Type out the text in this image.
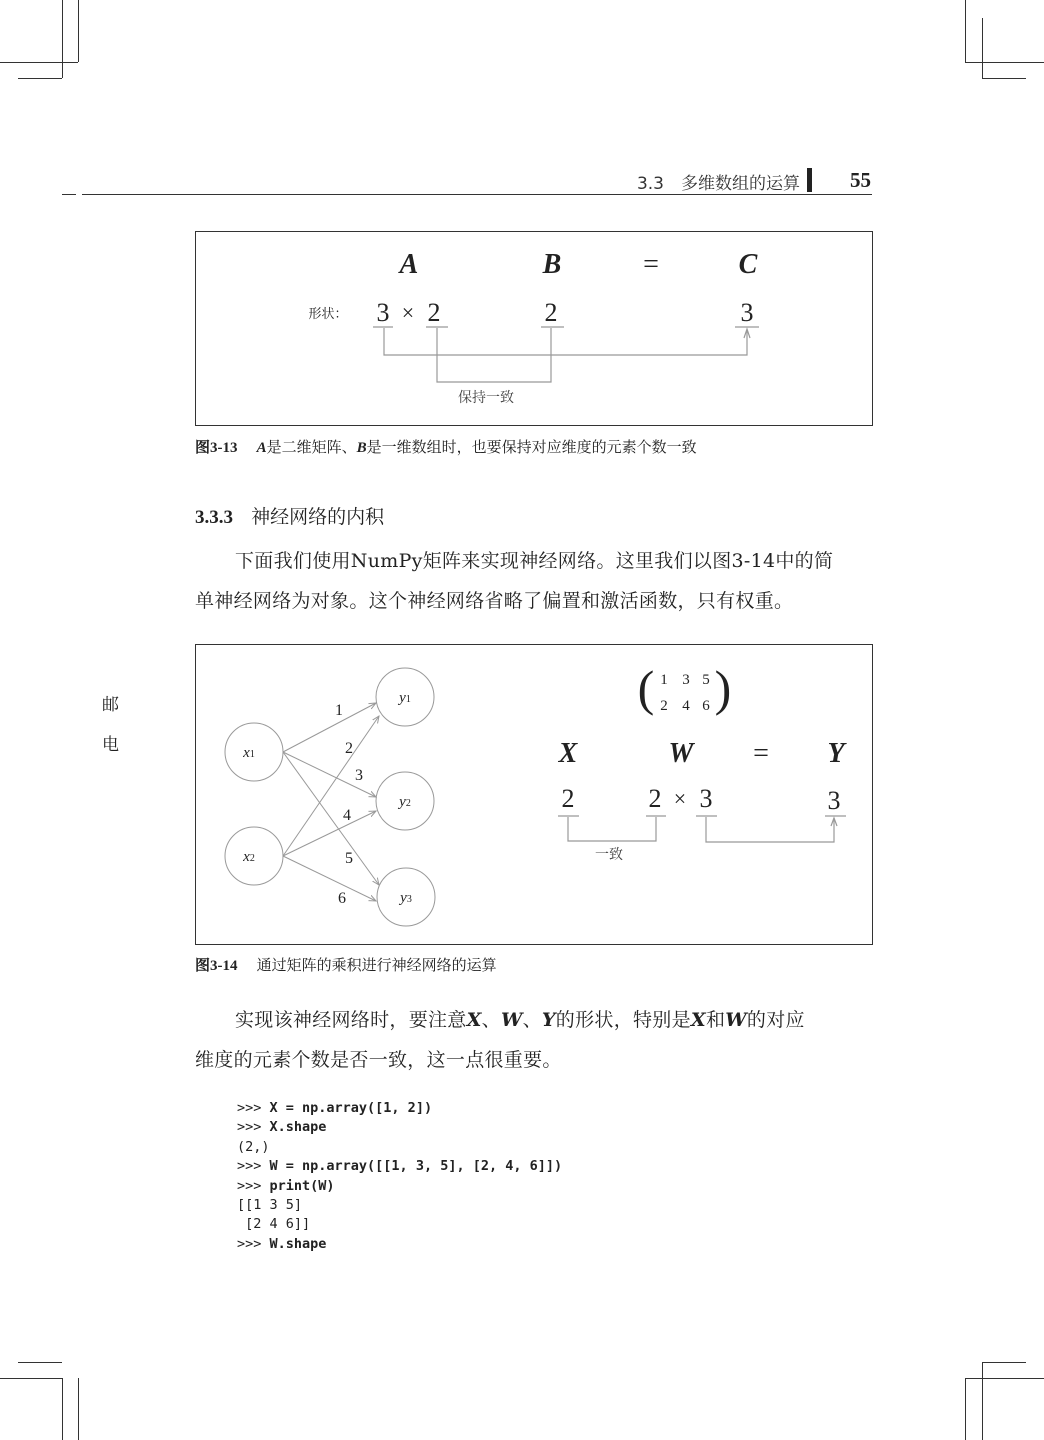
3.3　多维数组的运算 55
邮
电
A	B	=	C
形状： 3 × 2	2	3
保持一致
图3-13 A是二维矩阵、B是一维数组时，也要保持对应维度的元素个数一致
3.3.3 神经网络的内积
下面我们使用NumPy矩阵来实现神经网络。这里我们以图3-14中的简
单神经网络为对象。这个神经网络省略了偏置和激活函数，只有权重。
x1
x2
y1
y2
y3
1
2
3
4
5
6
( )
1 3 5
2 4 6
X	W = Y
2	2 × 3	3
一致
图3-14 通过矩阵的乘积进行神经网络的运算
实现该神经网络时，要注意X、W、Y的形状，特别是X和W的对应
维度的元素个数是否一致，这一点很重要。
>>> X = np.array([1, 2])
>>> X.shape
(2,)
>>> W = np.array([[1, 3, 5], [2, 4, 6]])
>>> print(W)
[[1 3 5]
[2 4 6]]
>>> W.shape
